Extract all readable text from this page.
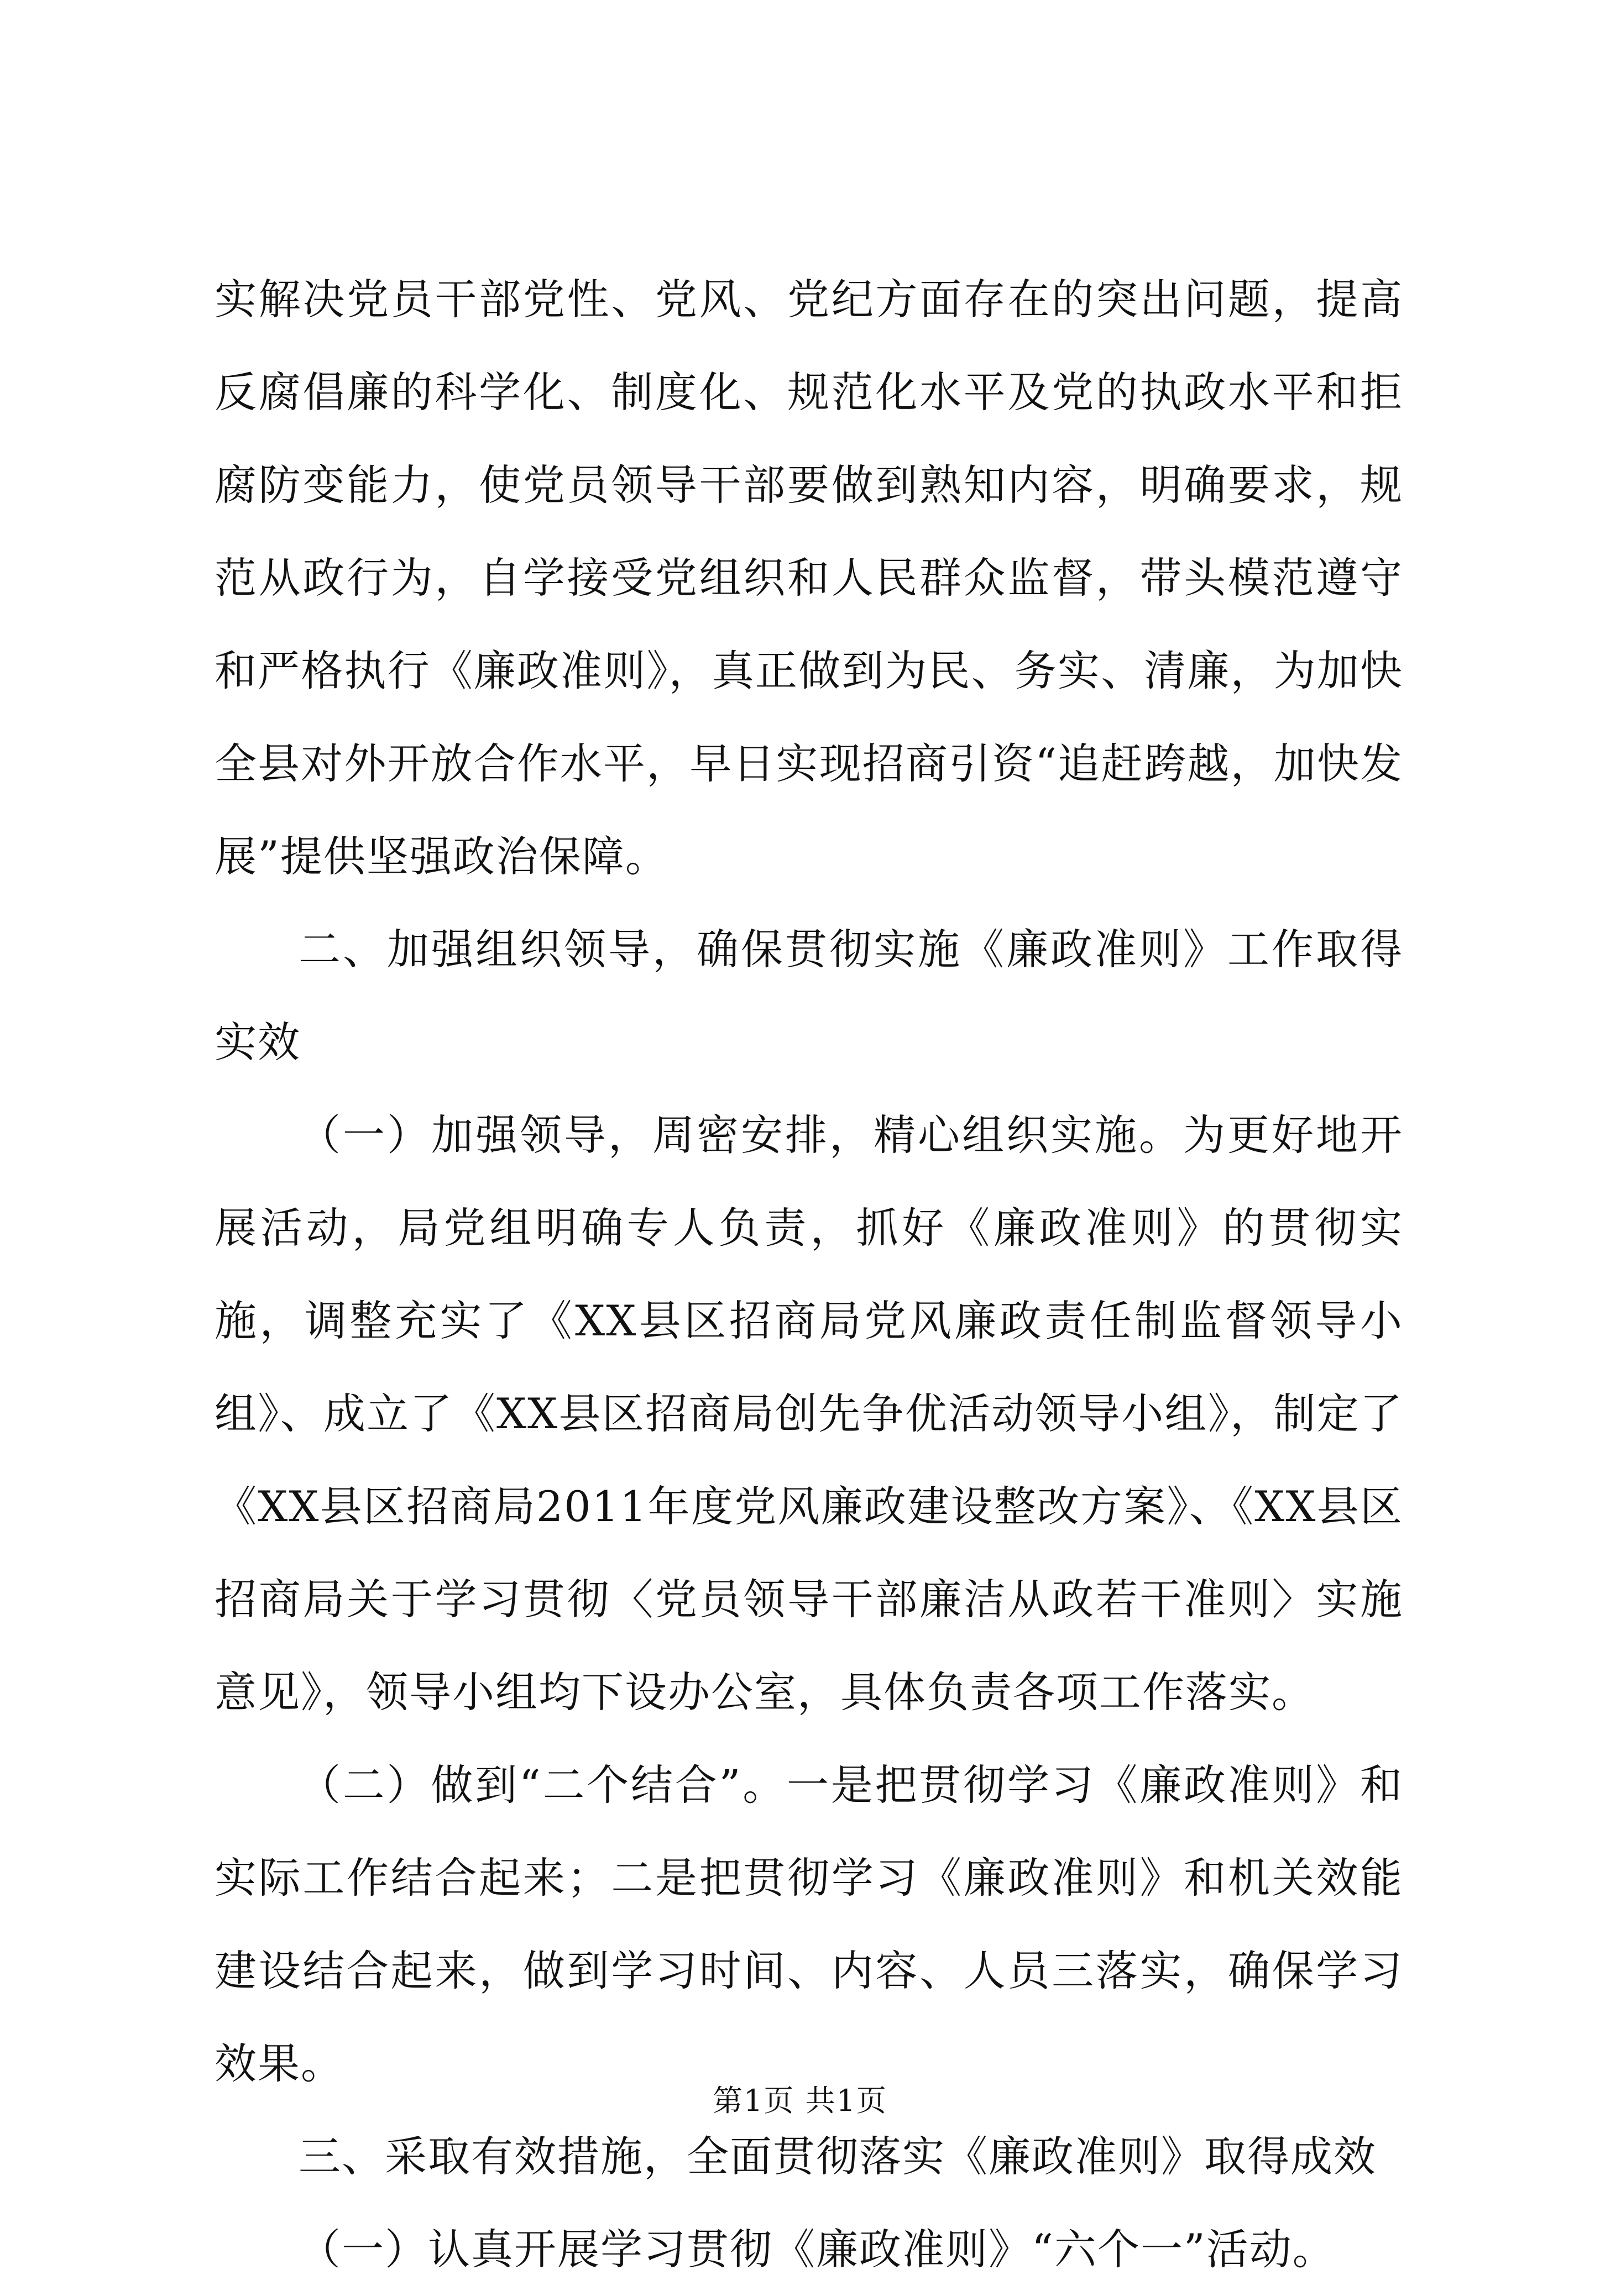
实解决党员干部党性、党风、党纪方面存在的突出问题，提高反腐倡廉的科学化、制度化、规范化水平及党的执政水平和拒腐防变能力，使党员领导干部要做到熟知内容，明确要求，规范从政行为，自学接受党组织和人民群众监督，带头模范遵守和严格执行《廉政准则》，真正做到为民、务实、清廉，为加快全县对外开放合作水平，早日实现招商引资“追赶跨越，加快发展”提供坚强政治保障。

二、加强组织领导，确保贯彻实施《廉政准则》工作取得实效

（一）加强领导，周密安排，精心组织实施。为更好地开展活动，局党组明确专人负责，抓好《廉政准则》的贯彻实施，调整充实了《XX县区招商局党风廉政责任制监督领导小组》、成立了《XX县区招商局创先争优活动领导小组》，制定了《XX县区招商局2011年度党风廉政建设整改方案》、《XX县区招商局关于学习贯彻〈党员领导干部廉洁从政若干准则〉实施意见》，领导小组均下设办公室，具体负责各项工作落实。

（二）做到“二个结合”。一是把贯彻学习《廉政准则》和实际工作结合起来；二是把贯彻学习《廉政准则》和机关效能建设结合起来，做到学习时间、内容、人员三落实，确保学习效果。

三、采取有效措施，全面贯彻落实《廉政准则》取得成效

（一）认真开展学习贯彻《廉政准则》“六个一”活动。

第1页 共1页
